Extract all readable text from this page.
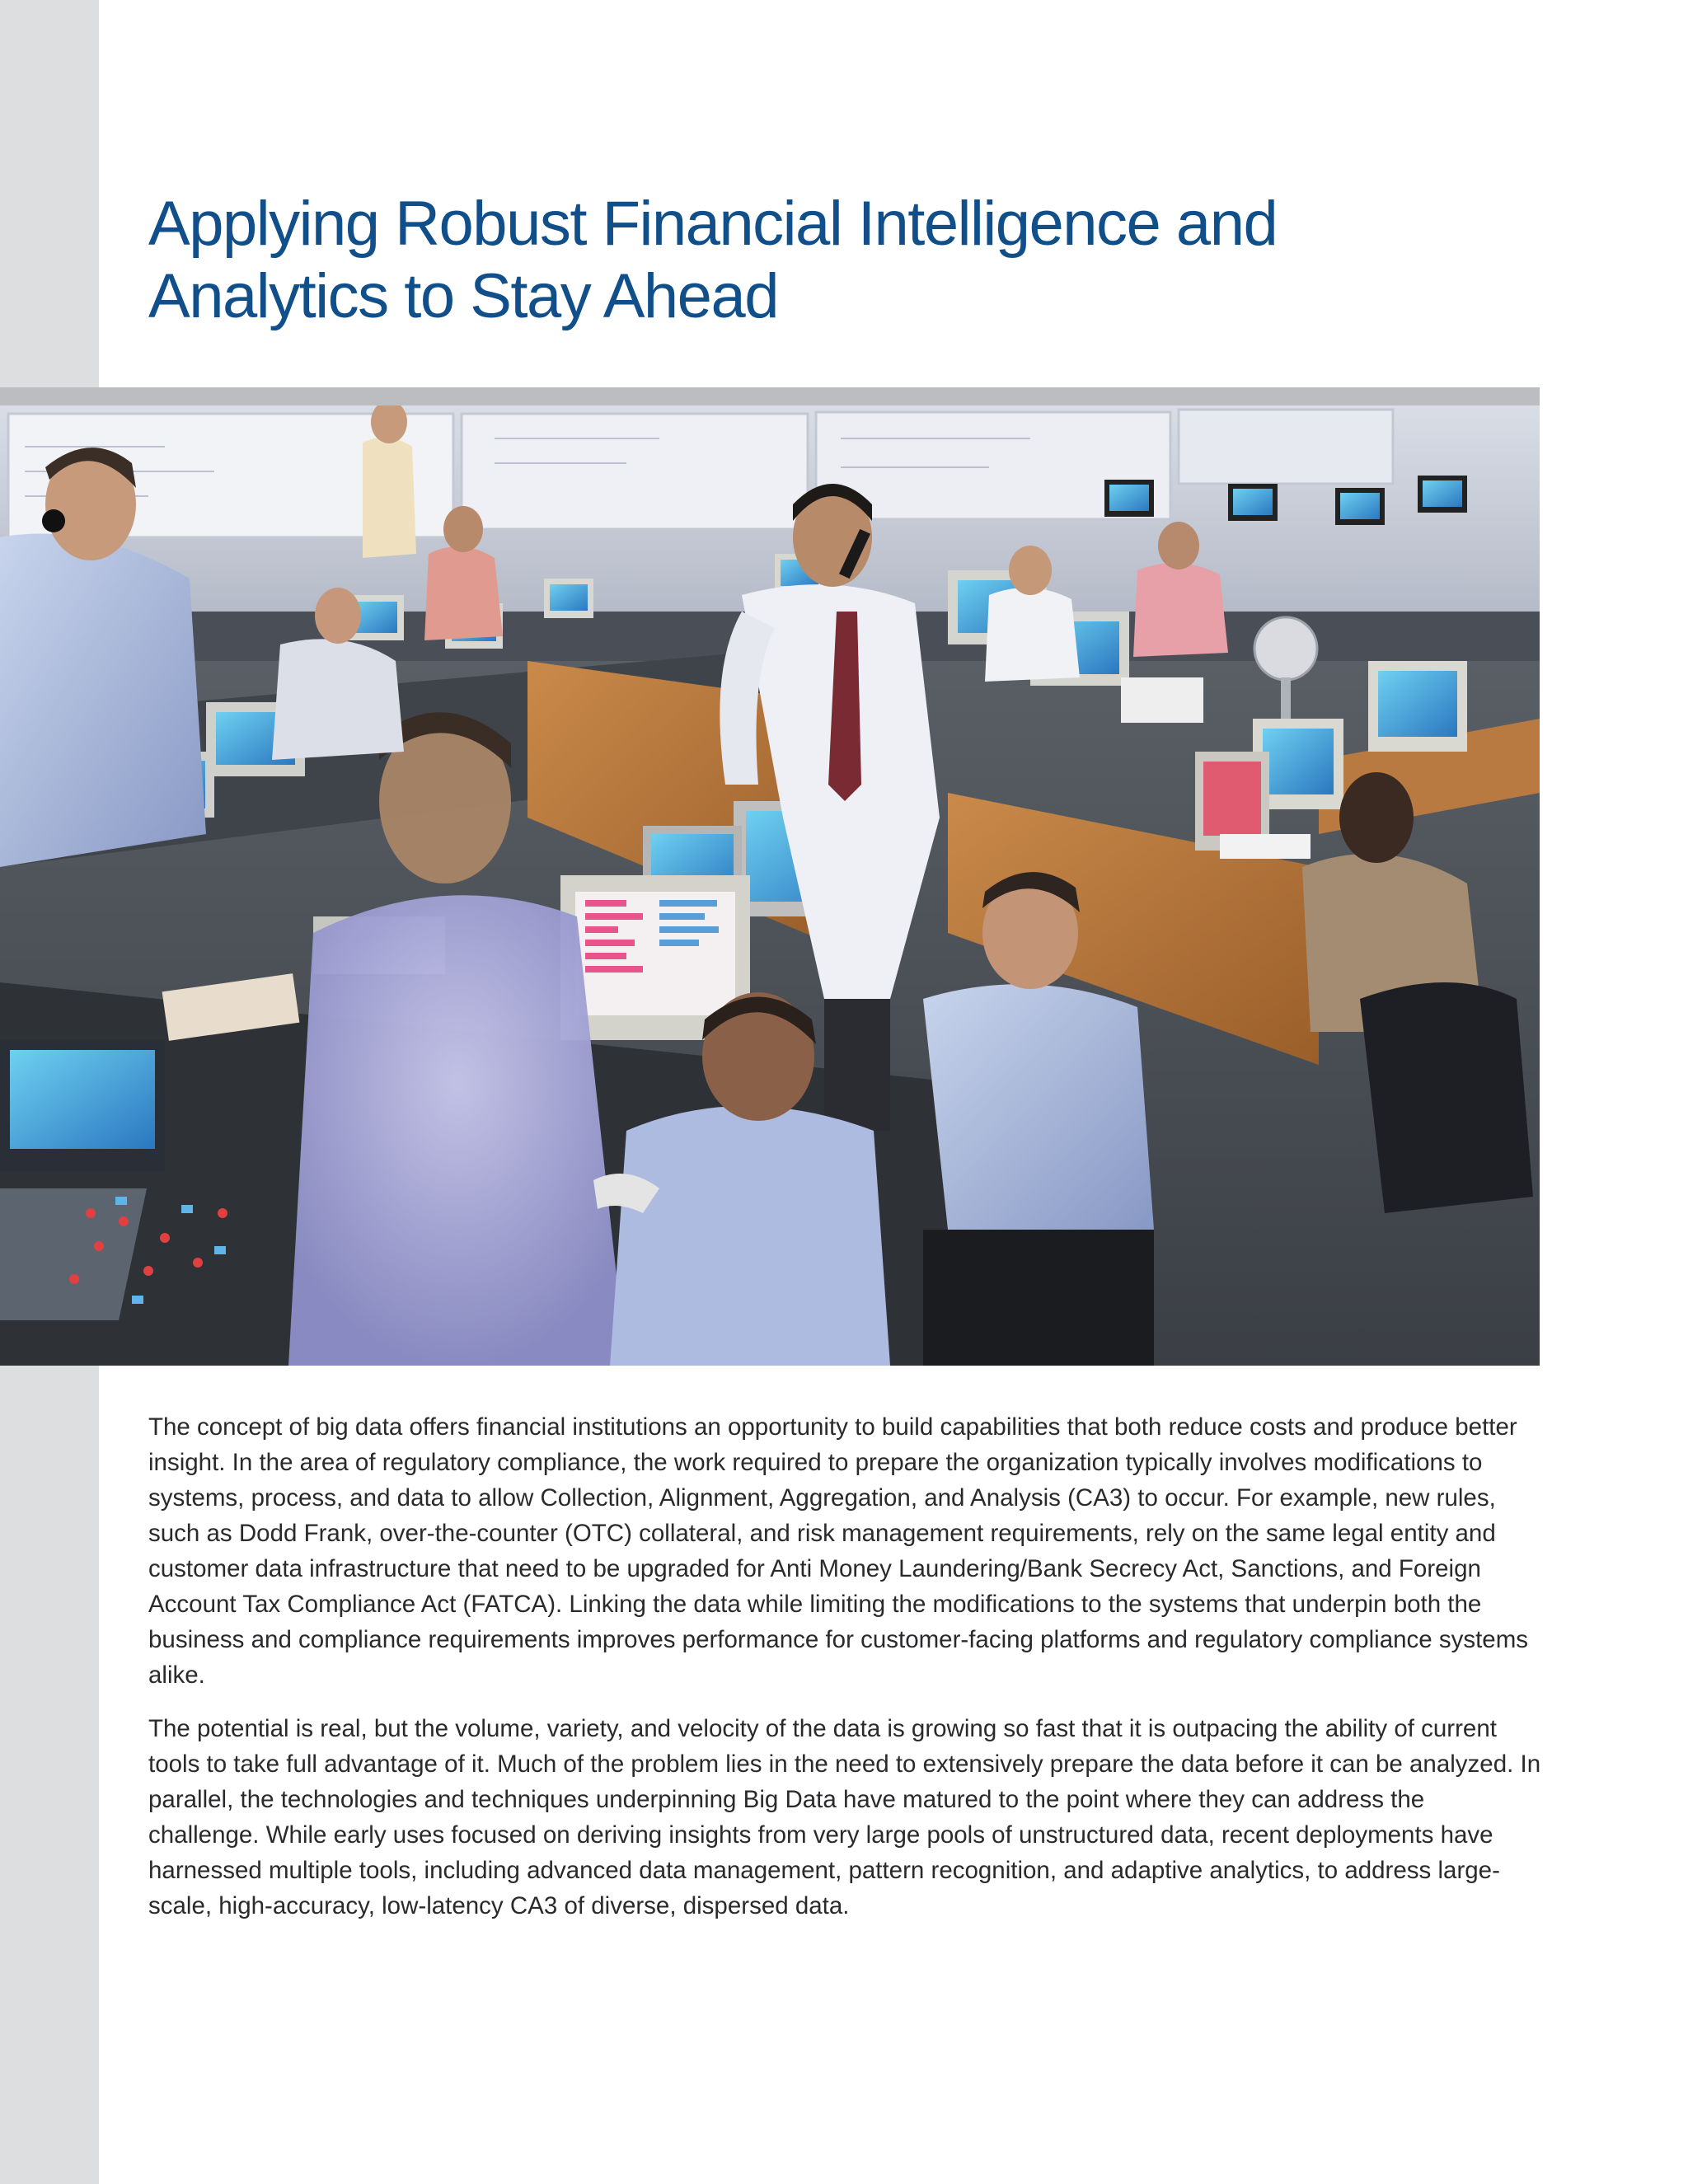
Applying Robust Financial Intelligence and
Analytics to Stay Ahead

The concept of big data offers financial institutions an opportunity to build capabilities that both reduce costs and produce better insight. In the area of regulatory compliance, the work required to prepare the organization typically involves modifications to systems, process, and data to allow Collection, Alignment, Aggregation, and Analysis (CA3) to occur. For example, new rules, such as Dodd Frank, over-the-counter (OTC) collateral, and risk management requirements, rely on the same legal entity and customer data infrastructure that need to be upgraded for Anti Money Laundering/Bank Secrecy Act, Sanctions, and Foreign Account Tax Compliance Act (FATCA). Linking the data while limiting the modifications to the systems that underpin both the business and compliance requirements improves performance for customer-facing platforms and regulatory compliance systems alike.

The potential is real, but the volume, variety, and velocity of the data is growing so fast that it is outpacing the ability of current tools to take full advantage of it. Much of the problem lies in the need to extensively prepare the data before it can be analyzed. In parallel, the technologies and techniques underpinning Big Data have matured to the point where they can address the challenge. While early uses focused on deriving insights from very large pools of unstructured data, recent deployments have harnessed multiple tools, including advanced data management, pattern recognition, and adaptive analytics, to address large-scale, high-accuracy, low-latency CA3 of diverse, dispersed data.
